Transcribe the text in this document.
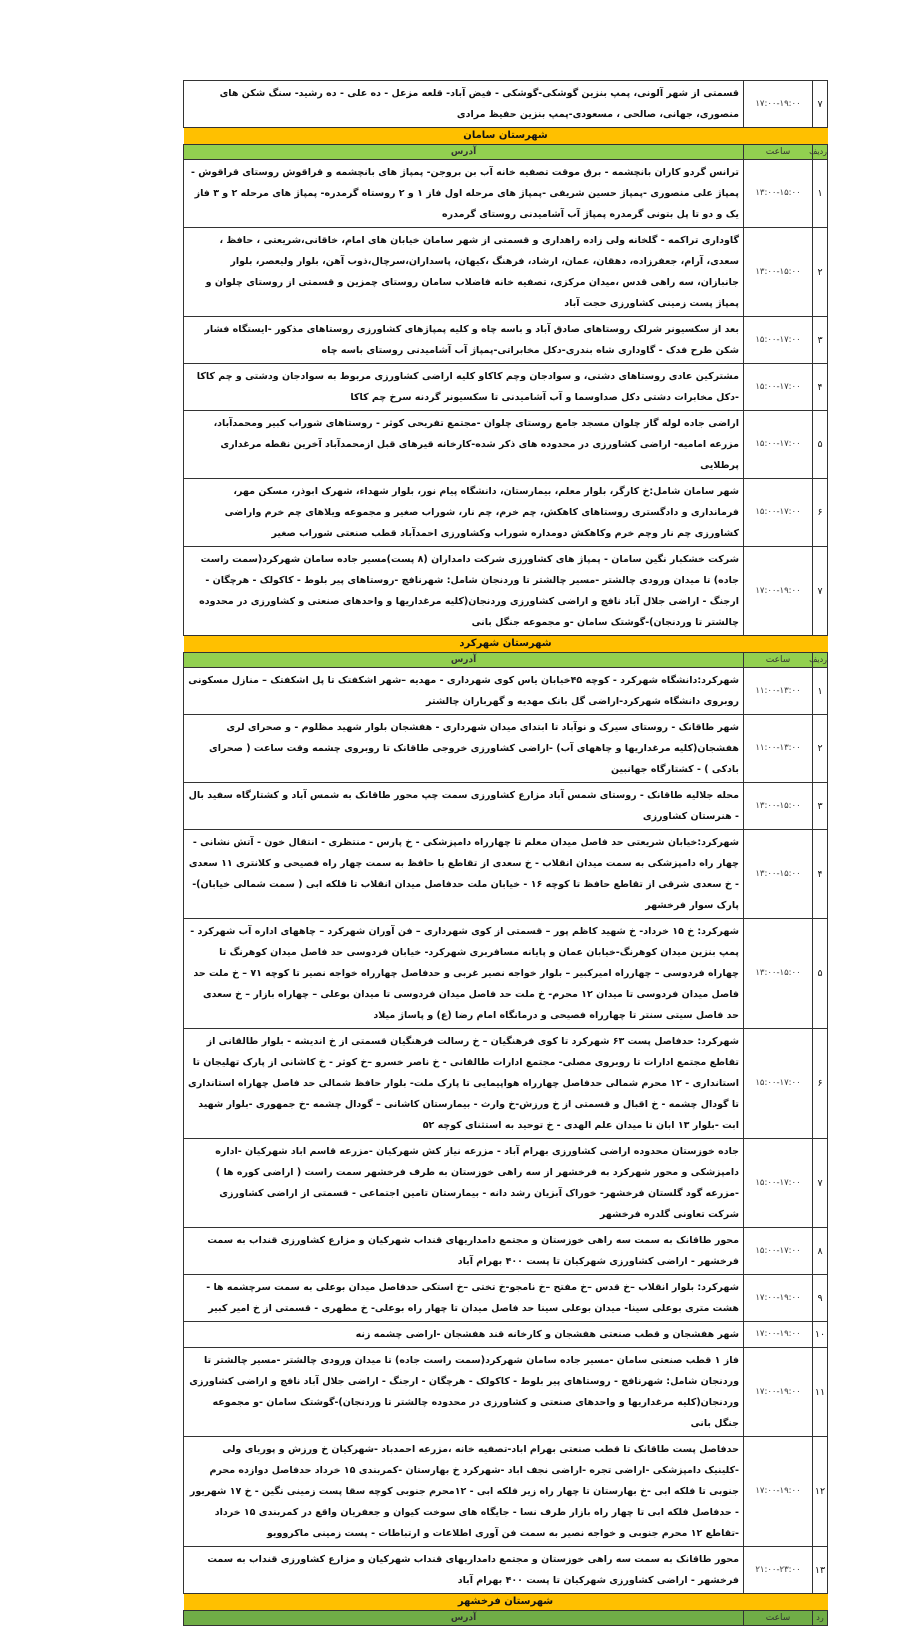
۷	۱۷:۰۰-۱۹:۰۰	قسمتی از شهر آلونی، پمپ بنزین گوشکی-گوشکی - فیض آباد- قلعه مزعل - ده علی - ده رشید- سنگ شکن های منصوری، جهانی، صالحی ، مسعودی-پمپ بنزین حفیظ مرادی
شهرستان سامان		
ردیف	ساعت	آدرس
۱	۱۳:۰۰-۱۵:۰۰	ترانس گردو کاران بانچشمه - برق موقت تصفیه خانه آب بن بروجن- پمپاژ های بانچشمه و قراقوش روستای قراقوش - پمپاژ علی منصوری -پمپاژ حسین شریفی -پمپاژ های مرحله اول فاز ۱ و ۲ روستاه گرمدره- پمپاژ های مرحله ۲ و ۳ فاز یک و دو تا پل بتونی گرمدره پمپاژ آب آشامیدنی روستای گرمدره
۲	۱۳:۰۰-۱۵:۰۰	گاوداری تراکمه - گلخانه ولی زاده راهداری و قسمتی از شهر سامان خیابان های امام، خاقانی،شریعتی ، حافظ ، سعدی، آرام، جعفرزاده، دهقان، عمان، ارشاد، فرهنگ ،کیهان، پاسداران،سرچال،ذوب آهن، بلوار ولیعصر، بلوار جانبازان، سه راهی قدس ،میدان مرکزی، تصفیه خانه فاضلاب سامان روستای چمزین و قسمتی از روستای چلوان و پمپاژ پست زمینی کشاورزی حجت آباد
۳	۱۵:۰۰-۱۷:۰۰	بعد از سکسیونر شرلک روستاهای صادق آباد و باسه چاه و کلیه پمپاژهای کشاورزی روستاهای مذکور -ایستگاه فشار شکن طرح فدک - گاوداری شاه بندری-دکل مخابراتی-پمپاژ آب آشامیدنی روستای باسه چاه
۴	۱۵:۰۰-۱۷:۰۰	مشترکین عادی روستاهای دشتی، و سوادجان وچم کاکاو کلیه اراضی کشاورزی مربوط به سوادجان ودشتی و چم کاکا -دکل مخابرات دشتی دکل صداوسما و آب آشامیدنی تا سکسیونر گردنه سرخ چم کاکا
۵	۱۵:۰۰-۱۷:۰۰	اراضی جاده لوله گاز چلوان مسجد جامع روستای چلوان -مجتمع تفریحی کوثر - روستاهای شوراب کبیر ومحمدآباد، مزرعه امامیه- اراضی کشاورزی در محدوده های ذکر شده-کارخانه قیرهای قبل ازمحمدآباد آخرین نقطه مرغداری پرطلایی
۶	۱۵:۰۰-۱۷:۰۰	شهر سامان شامل:خ کارگر، بلوار معلم، بیمارستان، دانشگاه پیام نور، بلوار شهداء، شهرک ابوذر، مسکن مهر، فرمانداری و دادگستری روستاهای کاهکش، چم خرم، چم نار، شوراب صغیر و مجموعه ویلاهای چم خرم واراضی کشاورزی چم نار وچم خرم وکاهکش دومداره شوراب وکشاورزی احمدآباد قطب صنعتی شوراب صغیر
۷	۱۷:۰۰-۱۹:۰۰	شرکت خشکبار نگین سامان - پمپاژ های کشاورزی شرکت دامداران (۸ پست)مسیر جاده سامان شهرکرد(سمت راست جاده) تا میدان ورودی چالشتر -مسیر چالشتر تا وردنجان شامل: شهرنافچ -روستاهای پیر بلوط - کاکولک - هرچگان - ارجنگ - اراضی جلال آباد نافچ و اراضی کشاورزی وردنجان(کلیه مرغداریها و واحدهای صنعتی و کشاورزی در محدوده چالشتر تا وردنجان)-گوشتک سامان -و مجموعه جنگل بانی
شهرستان شهرکرد		
ردیف	ساعت	آدرس
۱	۱۱:۰۰-۱۳:۰۰	شهرکرد:دانشگاه شهرکرد - کوچه ۴۵خیابان یاس کوی شهرداری - مهدیه –شهر اشکفتک تا پل اشکفتک – منازل مسکونی روبروی دانشگاه شهرکرد-اراضی گل بانک مهدیه و گهرباران چالشتر
۲	۱۱:۰۰-۱۳:۰۰	شهر طاقانک - روستای سیرک و نوآباد تا ابتدای میدان شهرداری - هفشجان بلوار شهید مظلوم - و صحرای لری هفشجان(کلیه مرغداریها و چاههای آب) -اراضی کشاورزی خروجی طاقانک تا روبروی چشمه وقت ساعت ( صحرای بادکی ) - کشتارگاه جهانبین
۳	۱۳:۰۰-۱۵:۰۰	محله جلالیه طاقانک - روستای شمس آباد مزارع کشاورزی سمت چپ محور طاقانک به شمس آباد و کشتارگاه سفید بال - هنرستان کشاورزی
۴	۱۳:۰۰-۱۵:۰۰	شهرکرد:خیابان شریعتی حد فاصل میدان معلم تا چهارراه دامپزشکی - خ پارس - منتظری - انتقال خون - آتش نشانی - چهار راه دامپزشکی به سمت میدان انقلاب - خ سعدی از تقاطع با حافظ به سمت چهار راه فصیحی و کلانتری ۱۱ سعدی - خ سعدی شرقی از تقاطع حافظ تا کوچه ۱۶ - خیابان ملت حدفاصل میدان انقلاب تا فلکه ابی ( سمت شمالی خیابان)- پارک سوار فرخشهر
۵	۱۳:۰۰-۱۵:۰۰	شهرکرد: خ ۱۵ خرداد- خ شهید کاظم پور – قسمتی از کوی شهرداری – فن آوران شهرکرد – چاههای اداره آب شهرکرد - پمپ بنزین میدان کوهرنگ-خیابان عمان و پایانه مسافربری شهرکرد- خیابان فردوسی حد فاصل میدان کوهرنگ تا چهاراه فردوسی – چهارراه امیرکبیر – بلوار خواجه نصیر غربی و حدفاصل چهارراه خواجه نصیر تا کوچه ۷۱ – خ ملت حد فاصل میدان فردوسی تا میدان ۱۲ محرم- خ ملت حد فاصل میدان فردوسی تا میدان بوعلی – چهاراه بازار – خ سعدی حد فاصل سیتی سنتر تا چهارراه فصیحی و درمانگاه امام رضا (ع) و پاساژ میلاد
۶	۱۵:۰۰-۱۷:۰۰	شهرکرد: حدفاصل پست ۶۳ شهرکرد تا کوی فرهنگیان – خ رسالت فرهنگیان قسمتی از خ اندیشه - بلوار طالقانی از تقاطع مجتمع ادارات تا روبروی مصلی- مجتمع ادارات طالقانی - خ ناصر خسرو –خ کوثر - خ کاشانی از پارک تهلیجان تا استانداری - ۱۲ محرم شمالی حدفاصل چهارراه هواپیمایی تا پارک ملت- بلوار حافظ شمالی حد فاصل چهاراه استانداری تا گودال چشمه - خ اقبال و قسمتی از خ ورزش-خ وارث - بیمارستان کاشانی – گودال چشمه -خ جمهوری -بلوار شهید ابت -بلوار ۱۳ ابان تا میدان علم الهدی - خ توحید به استثنای کوچه ۵۲
۷	۱۵:۰۰-۱۷:۰۰	جاده خوزستان محدوده اراضی کشاورزی بهرام آباد - مزرعه نیاز کش شهرکیان -مزرعه قاسم اباد شهرکیان -اداره دامپزشکی و محور شهرکرد به فرخشهر از سه راهی خوزستان به طرف فرخشهر سمت راست ( اراضی کوره ها ) -مزرعه گود گلستان فرخشهر- خوراک آبزیان رشد دانه - بیمارستان تامین اجتماعی - قسمتی از اراضی کشاورزی شرکت تعاونی گلدره فرخشهر
۸	۱۵:۰۰-۱۷:۰۰	محور طاقانک به سمت سه راهی خوزستان و مجتمع دامداریهای قنداب شهرکیان و مزارع کشاورزی قنداب به سمت فرخشهر - اراضی کشاورزی شهرکیان تا پست ۴۰۰ بهرام آباد
۹	۱۷:۰۰-۱۹:۰۰	شهرکرد: بلوار انقلاب –خ قدس –خ مفتح –خ نامجو-خ تختی –خ استکی حدفاصل میدان بوعلی به سمت سرچشمه ها - هشت متری بوعلی سینا- میدان بوعلی سینا حد فاصل میدان تا چهار راه بوعلی- خ مطهری - قسمتی از خ امیر کبیر
۱۰	۱۷:۰۰-۱۹:۰۰	شهر هفشجان و قطب صنعتی هفشجان و کارخانه قند هفشجان -اراضی چشمه زنه
۱۱	۱۷:۰۰-۱۹:۰۰	فاز ۱ قطب صنعتی سامان -مسیر جاده سامان شهرکرد(سمت راست جاده) تا میدان ورودی چالشتر -مسیر چالشتر تا وردنجان شامل: شهرنافچ - روستاهای پیر بلوط - کاکولک - هرچگان - ارجنگ - اراضی جلال آباد نافچ و اراضی کشاورزی وردنجان(کلیه مرغداریها و واحدهای صنعتی و کشاورزی در محدوده چالشتر تا وردنجان)-گوشتک سامان -و مجموعه جنگل بانی
۱۲	۱۷:۰۰-۱۹:۰۰	حدفاصل پست طاقانک تا قطب صنعتی بهرام اباد-تصفیه خانه ،مزرعه احمدباد -شهرکیان خ ورزش و پوریای ولی -کلینیک دامپزشکی -اراضی تجره -اراضی نجف اباد -شهرکرد خ بهارستان -کمربندی ۱۵ خرداد حدفاصل دوازده محرم جنوبی تا فلکه ابی -خ بهارستان تا چهار راه زیر فلکه ابی - ۱۲محرم جنوبی کوچه سقا پست زمینی نگین - خ ۱۷ شهریور - حدفاصل فلکه ابی تا چهار راه بازار طرف نسا - جایگاه های سوخت کیوان و جعفریان واقع در کمربندی ۱۵ خرداد -تقاطع ۱۲ محرم جنوبی و خواجه نصیر به سمت فن آوری اطلاعات و ارتباطات - پست زمینی ماکروویو
۱۳	۲۱:۰۰-۲۳:۰۰	محور طاقانک به سمت سه راهی خوزستان و مجتمع دامداریهای قنداب شهرکیان و مزارع کشاورزی قنداب به سمت فرخشهر - اراضی کشاورزی شهرکیان تا پست ۴۰۰ بهرام آباد
شهرستان فرخشهر		
رد	ساعت	آدرس
